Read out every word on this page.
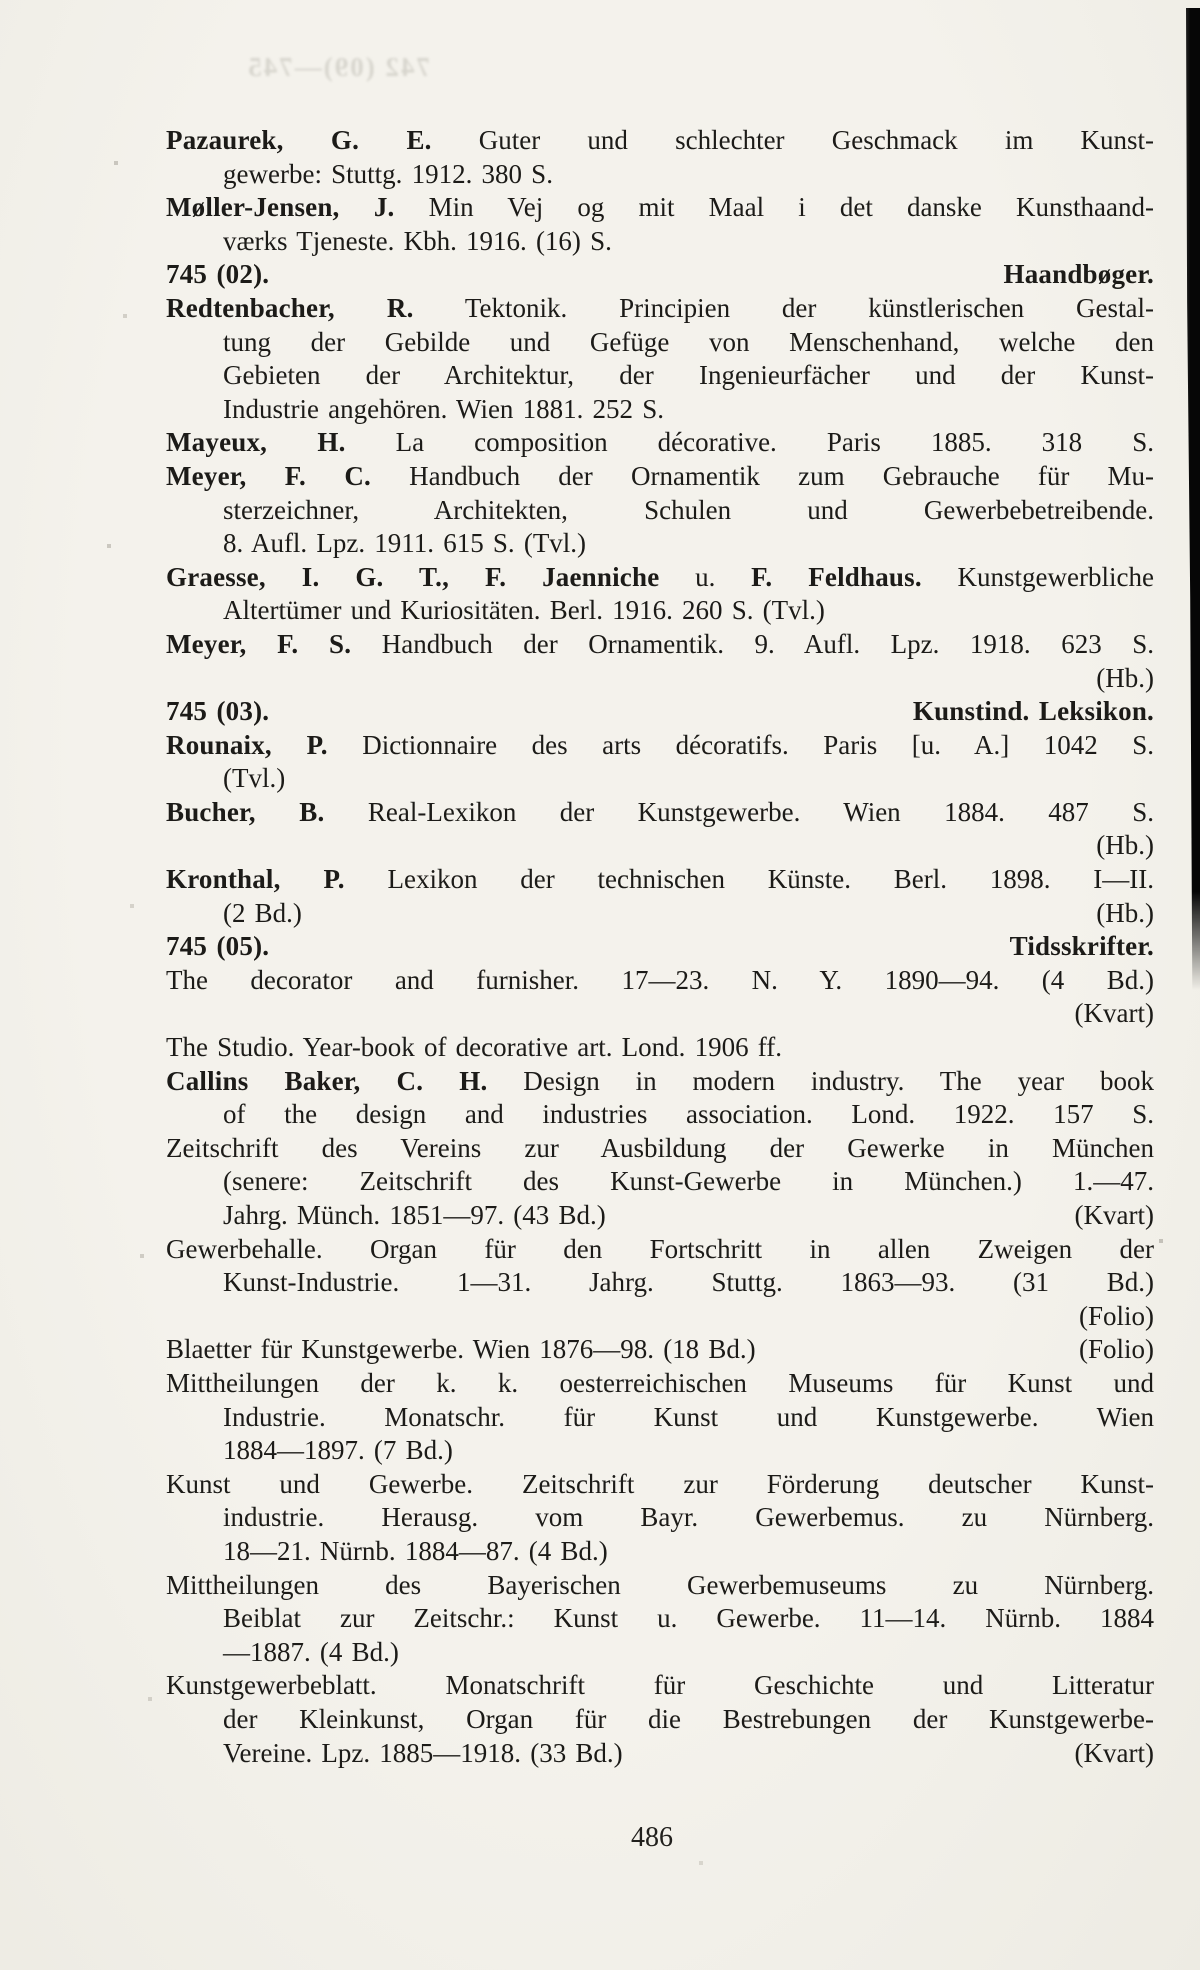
742 (09)—745
Pazaurek, G. E. Guter und schlechter Geschmack im Kunst-
gewerbe: Stuttg. 1912. 380 S.
Møller-Jensen, J. Min Vej og mit Maal i det danske Kunsthaand-
værks Tjeneste. Kbh. 1916. (16) S.
745 (02).	Haandbøger.
Redtenbacher, R. Tektonik. Principien der künstlerischen Gestal-
tung der Gebilde und Gefüge von Menschenhand, welche den
Gebieten der Architektur, der Ingenieurfächer und der Kunst-
Industrie angehören. Wien 1881. 252 S.
Mayeux, H. La composition décorative. Paris 1885. 318 S.
Meyer, F. C. Handbuch der Ornamentik zum Gebrauche für Mu-
sterzeichner, Architekten, Schulen und Gewerbebetreibende.
8. Aufl. Lpz. 1911. 615 S. (Tvl.)
Graesse, I. G. T., F. Jaenniche u. F. Feldhaus. Kunstgewerbliche
Altertümer und Kuriositäten. Berl. 1916. 260 S. (Tvl.)
Meyer, F. S. Handbuch der Ornamentik. 9. Aufl. Lpz. 1918. 623 S.
(Hb.)
745 (03).	Kunstind. Leksikon.
Rounaix, P. Dictionnaire des arts décoratifs. Paris [u. A.] 1042 S.
(Tvl.)
Bucher, B. Real-Lexikon der Kunstgewerbe. Wien 1884. 487 S.
(Hb.)
Kronthal, P. Lexikon der technischen Künste. Berl. 1898. I—II.
(2 Bd.)	(Hb.)
745 (05).	Tidsskrifter.
The decorator and furnisher. 17—23. N. Y. 1890—94. (4 Bd.)
(Kvart)
The Studio. Year-book of decorative art. Lond. 1906 ff.
Callins Baker, C. H. Design in modern industry. The year book
of the design and industries association. Lond. 1922. 157 S.
Zeitschrift des Vereins zur Ausbildung der Gewerke in München
(senere: Zeitschrift des Kunst-Gewerbe in München.) 1.—47.
Jahrg. Münch. 1851—97. (43 Bd.)	(Kvart)
Gewerbehalle. Organ für den Fortschritt in allen Zweigen der
Kunst-Industrie. 1—31. Jahrg. Stuttg. 1863—93. (31 Bd.)
(Folio)
Blaetter für Kunstgewerbe. Wien 1876—98. (18 Bd.)	(Folio)
Mittheilungen der k. k. oesterreichischen Museums für Kunst und
Industrie. Monatschr. für Kunst und Kunstgewerbe. Wien
1884—1897. (7 Bd.)
Kunst und Gewerbe. Zeitschrift zur Förderung deutscher Kunst-
industrie. Herausg. vom Bayr. Gewerbemus. zu Nürnberg.
18—21. Nürnb. 1884—87. (4 Bd.)
Mittheilungen des Bayerischen Gewerbemuseums zu Nürnberg.
Beiblat zur Zeitschr.: Kunst u. Gewerbe. 11—14. Nürnb. 1884
—1887. (4 Bd.)
Kunstgewerbeblatt. Monatschrift für Geschichte und Litteratur
der Kleinkunst, Organ für die Bestrebungen der Kunstgewerbe-
Vereine. Lpz. 1885—1918. (33 Bd.)	(Kvart)
486
